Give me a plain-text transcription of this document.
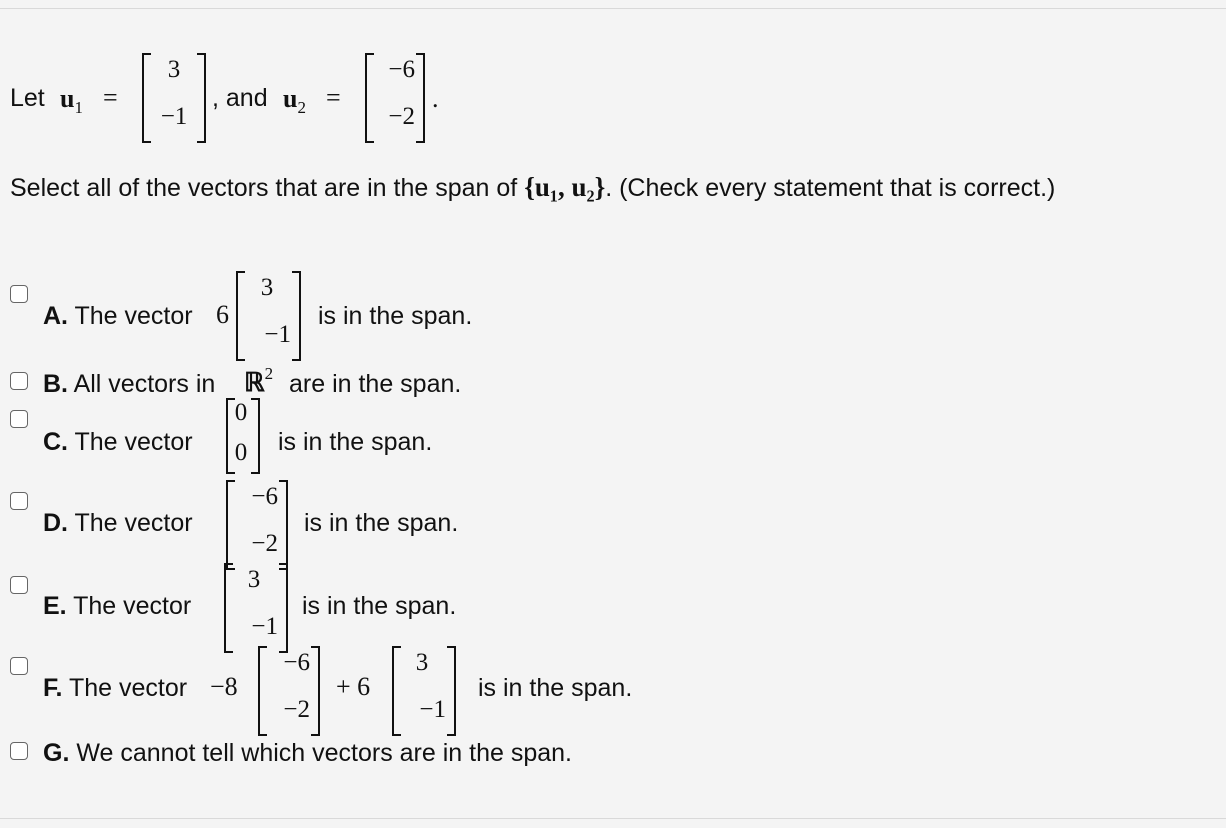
Let $u_1$ =
3
−1
, and $u_2$ =
−6
−2
.
Select all of the vectors that are in the span of {u₁, u₂}. (Check every statement that is correct.)
A. The vector 6
3
−1
is in the span.
B. All vectors in ℝ$^2$ are in the span.
C. The vector
0
0 is in the span.
D. The vector
−6
−2
is in the span.
E. The vector
3
−1
is in the span.
F. The vector −8
−6
−2
+ 6
3
−1
is in the span.
G. We cannot tell which vectors are in the span.
